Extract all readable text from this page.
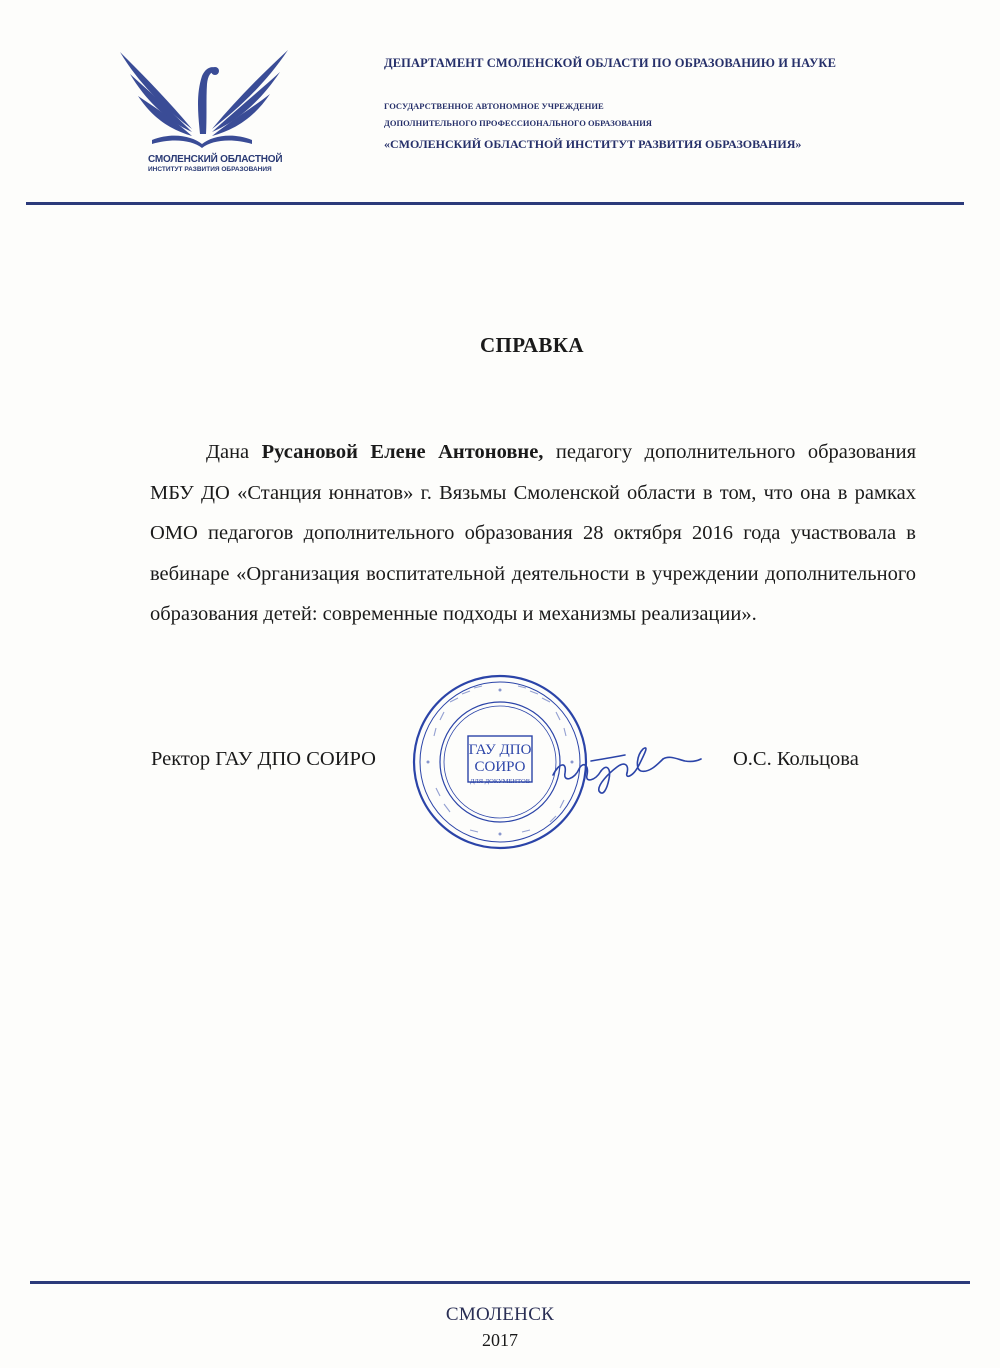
СМОЛЕНСКИЙ ОБЛАСТНОЙ
ИНСТИТУТ РАЗВИТИЯ ОБРАЗОВАНИЯ
ДЕПАРТАМЕНТ СМОЛЕНСКОЙ ОБЛАСТИ ПО ОБРАЗОВАНИЮ И НАУКЕ
ГОСУДАРСТВЕННОЕ АВТОНОМНОЕ УЧРЕЖДЕНИЕ
ДОПОЛНИТЕЛЬНОГО ПРОФЕССИОНАЛЬНОГО ОБРАЗОВАНИЯ
«СМОЛЕНСКИЙ ОБЛАСТНОЙ ИНСТИТУТ РАЗВИТИЯ ОБРАЗОВАНИЯ»
СПРАВКА
Дана Русановой Елене Антоновне, педагогу дополнительного образования МБУ ДО «Станция юннатов» г. Вязьмы Смоленской области в том, что она в рамках ОМО педагогов дополнительного образования 28 октября 2016 года участвовала в вебинаре «Организация воспитательной деятельности в учреждении дополнительного образования детей: современные подходы и механизмы реализации».
Ректор ГАУ ДПО СОИРО	ГАУ ДПО
СОИРО
ДЛЯ ДОКУМЕНТОВ
О.С. Кольцова
СМОЛЕНСК
2017
